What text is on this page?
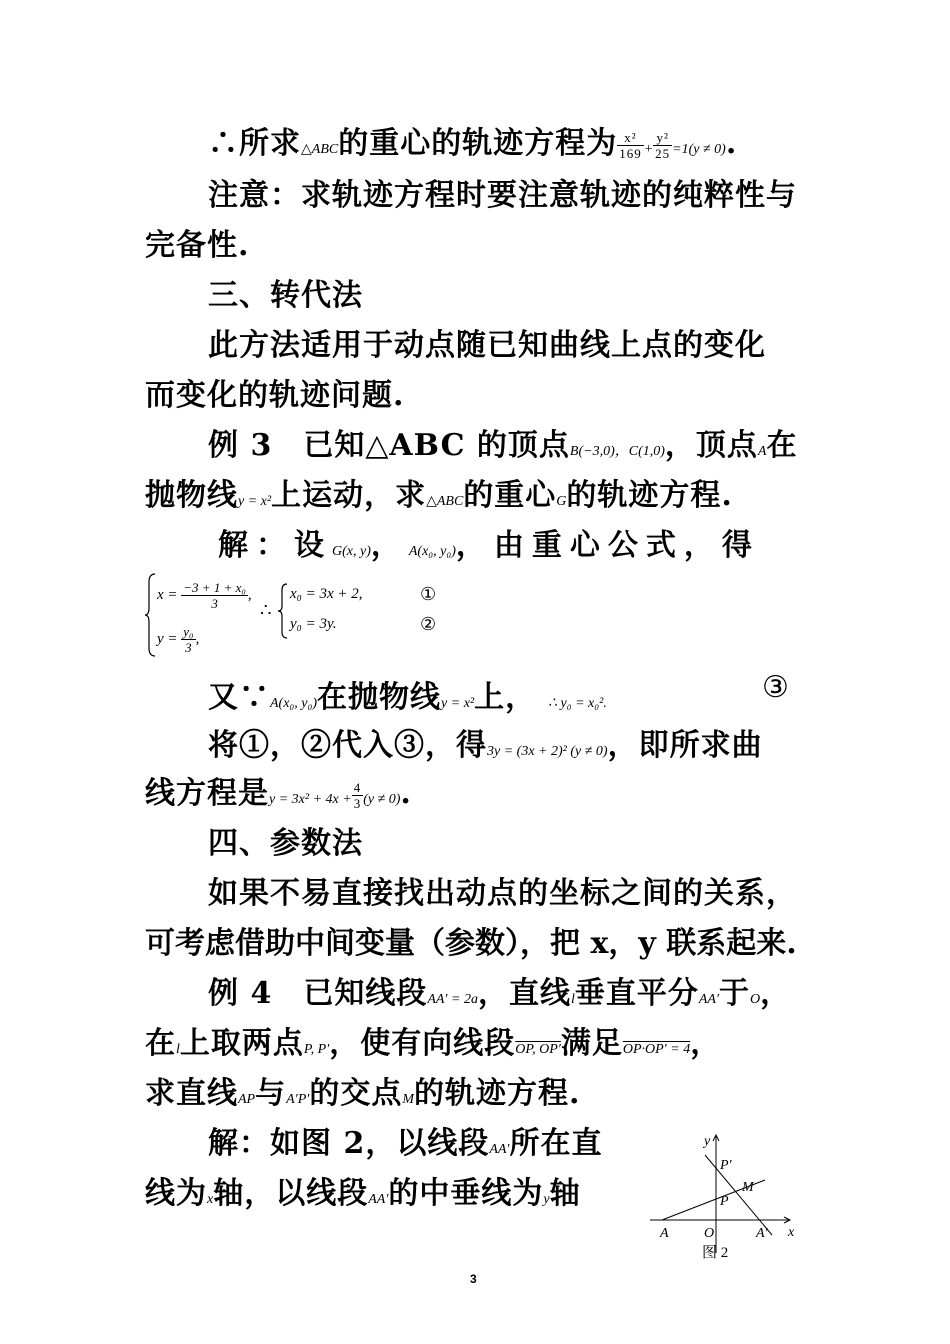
∴所求△ABC的重心的轨迹方程为 $\frac{\text{x²}}{169} + \frac{\text{y²}}{25} =1(y \ne 0)$.
注意：求轨迹方程时要注意轨迹的纯粹性与
完备性.
三、转代法
此方法适用于动点随已知曲线上点的变化
而变化的轨迹问题.
例 3　已知△ABC 的顶点B(−3,0)，C(1,0)，顶点A在
抛物线y = x²上运动，求△ABC的重心G的轨迹方程.
解：设G(x, y)，A(x₀, y₀)，由重心公式，得
$x = \frac{\text{−3 + 1 + x₀}}{3}$ ,
$y = \frac{\text{y₀}}{3}$ ,
∴
x₀ = 3x + 2,	①
y₀ = 3y.	②
又∵A(x₀, y₀)在抛物线y = x²上， ∴ y₀ = x₀².	③
将①，②代入③，得3y = (3x + 2)² (y ≠ 0)，即所求曲
线方程是$y = 3x^2 + 4x + \frac{4}{3} (y \ne 0)$.
四、参数法
如果不易直接找出动点的坐标之间的关系，
可考虑借助中间变量（参数），把 x，y 联系起来.
例 4　已知线段AA′ = 2a，直线l垂直平分AA′于O，
在l上取两点P, P′，使有向线段OP, OP′满足OP·OP′ = 4，
求直线AP与A′P′的交点M的轨迹方程.
解：如图 2，以线段AA′所在直
线为x轴，以线段AA′的中垂线为y轴
y
x
P′
P
M
A	O	A′
图 2
3
